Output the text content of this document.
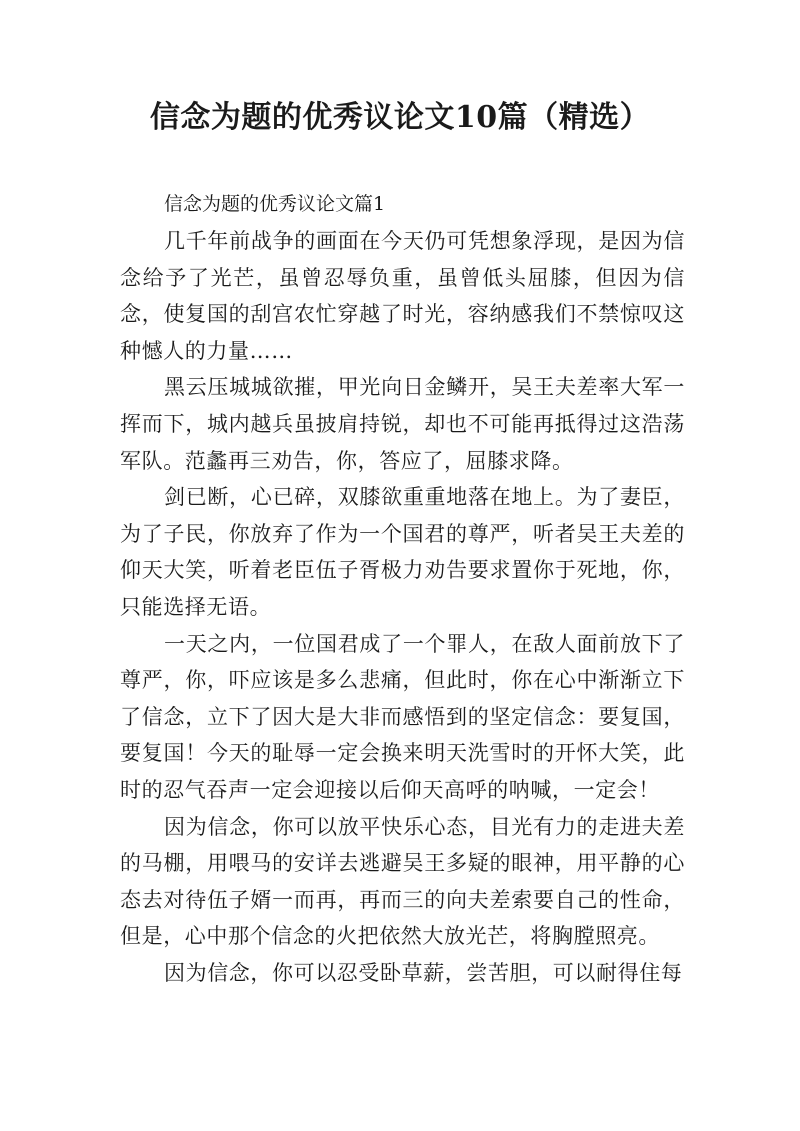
信念为题的优秀议论文10篇（精选）

信念为题的优秀议论文篇1

几千年前战争的画面在今天仍可凭想象浮现，是因为信念给予了光芒，虽曾忍辱负重，虽曾低头屈膝，但因为信念，使复国的刮宫农忙穿越了时光，容纳感我们不禁惊叹这种憾人的力量……

黑云压城城欲摧，甲光向日金鳞开，吴王夫差率大军一挥而下，城内越兵虽披肩持锐，却也不可能再抵得过这浩荡军队。范蠡再三劝告，你，答应了，屈膝求降。

剑已断，心已碎，双膝欲重重地落在地上。为了妻臣，为了子民，你放弃了作为一个国君的尊严，听者吴王夫差的仰天大笑，听着老臣伍子胥极力劝告要求置你于死地，你，只能选择无语。

一天之内，一位国君成了一个罪人，在敌人面前放下了尊严，你，吓应该是多么悲痛，但此时，你在心中渐渐立下了信念，立下了因大是大非而感悟到的坚定信念：要复国，要复国！今天的耻辱一定会换来明天洗雪时的开怀大笑，此时的忍气吞声一定会迎接以后仰天高呼的呐喊，一定会！

因为信念，你可以放平快乐心态，目光有力的走进夫差的马棚，用喂马的安详去逃避吴王多疑的眼神，用平静的心态去对待伍子婿一而再，再而三的向夫差索要自己的性命，但是，心中那个信念的火把依然大放光芒，将胸膛照亮。

因为信念，你可以忍受卧草薪，尝苦胆，可以耐得住每
